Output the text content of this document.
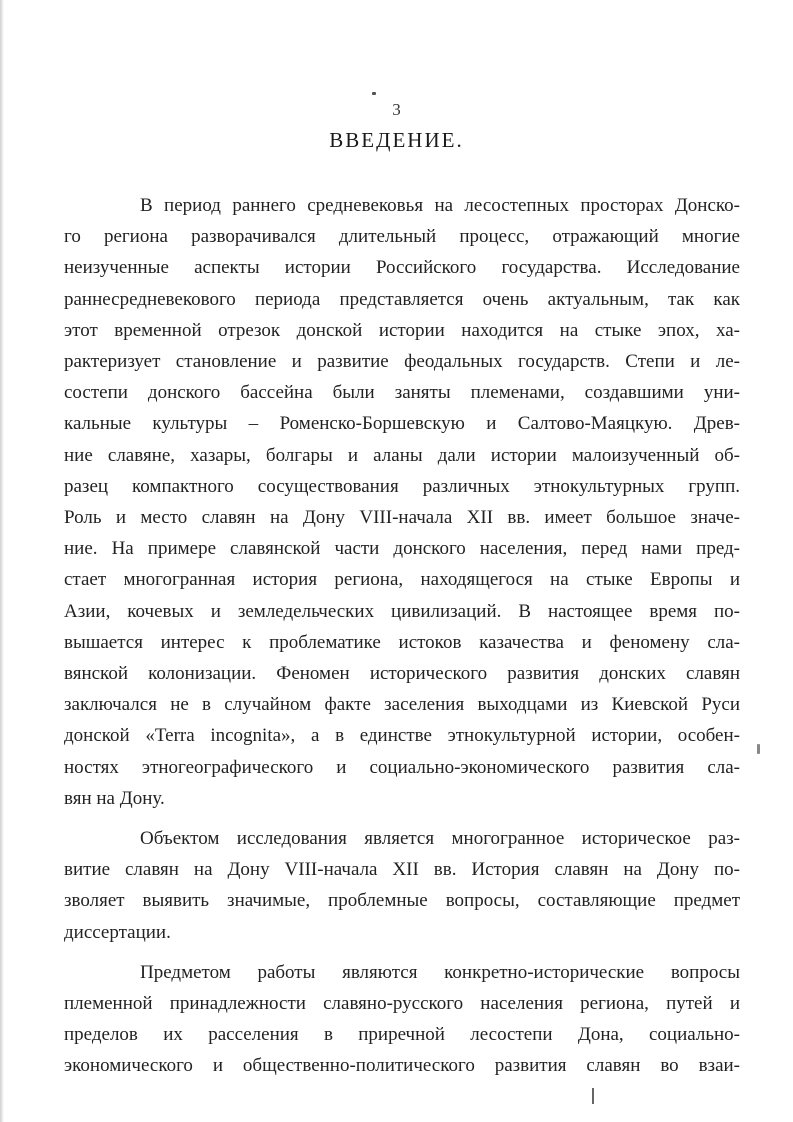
3
ВВЕДЕНИЕ.
В период раннего средневековья на лесостепных просторах Донско-
го региона разворачивался длительный процесс, отражающий многие
неизученные аспекты истории Российского государства. Исследование
раннесредневекового периода представляется очень актуальным, так как
этот временной отрезок донской истории находится на стыке эпох, ха-
рактеризует становление и развитие феодальных государств. Степи и ле-
состепи донского бассейна были заняты племенами, создавшими уни-
кальные культуры – Роменско-Боршевскую и Салтово-Маяцкую. Древ-
ние славяне, хазары, болгары и аланы дали истории малоизученный об-
разец компактного сосуществования различных этнокультурных групп.
Роль и место славян на Дону VIII-начала XII вв. имеет большое значе-
ние. На примере славянской части донского населения, перед нами пред-
стает многогранная история региона, находящегося на стыке Европы и
Азии, кочевых и земледельческих цивилизаций. В настоящее время по-
вышается интерес к проблематике истоков казачества и феномену сла-
вянской колонизации. Феномен исторического развития донских славян
заключался не в случайном факте заселения выходцами из Киевской Руси
донской «Terra incognita», а в единстве этнокультурной истории, особен-
ностях этногеографического и социально-экономического развития сла-
вян на Дону.
Объектом исследования является многогранное историческое раз-
витие славян на Дону VIII-начала XII вв. История славян на Дону по-
зволяет выявить значимые, проблемные вопросы, составляющие предмет
диссертации.
Предметом работы являются конкретно-исторические вопросы
племенной принадлежности славяно-русского населения региона, путей и
пределов их расселения в приречной лесостепи Дона, социально-
экономического и общественно-политического развития славян во взаи-
